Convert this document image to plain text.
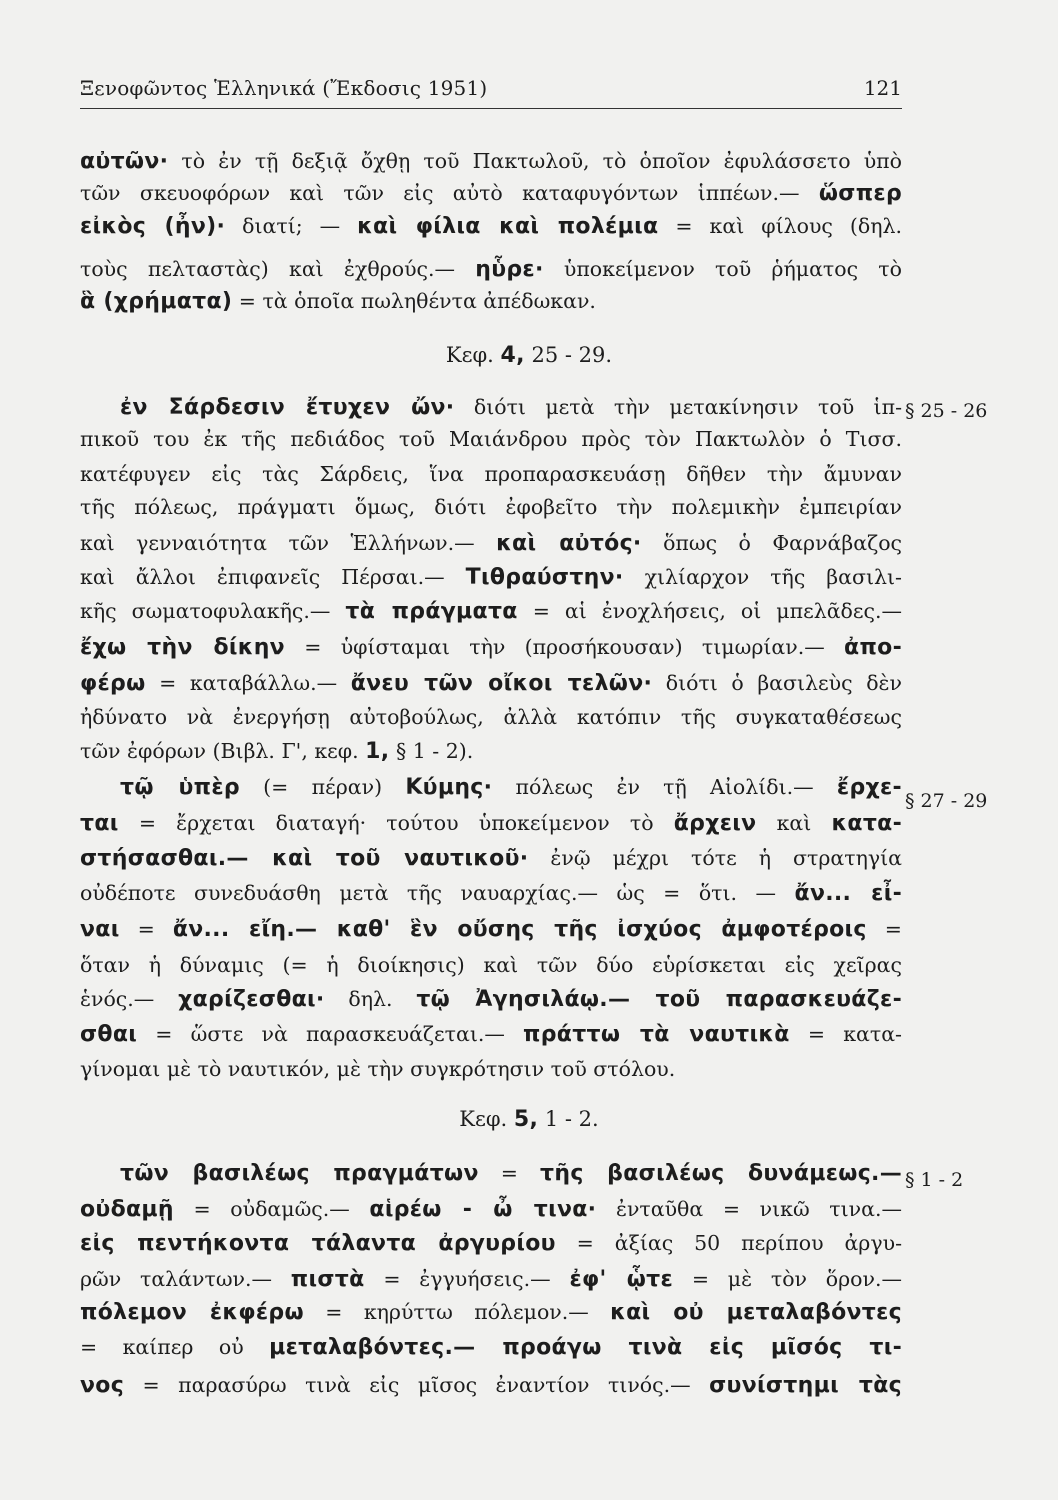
Ξενοφῶντος Ἑλληνικά (Ἔκδοσις 1951)	121
αὐτῶν· τὸ ἐν τῇ δεξιᾷ ὄχθῃ τοῦ Πακτωλοῦ, τὸ ὁποῖον ἐφυλάσσετο ὑπὸ
τῶν σκευοφόρων καὶ τῶν εἰς αὐτὸ καταφυγόντων ἱππέων.— ὥσπερ
εἰκὸς (ἦν)· διατί; — καὶ φίλια καὶ πολέμια = καὶ φίλους (δηλ.
τοὺς πελταστὰς) καὶ ἐχθρούς.— ηὗρε· ὑποκείμενον τοῦ ῥήματος τὸ
ἃ (χρήματα) = τὰ ὁποῖα πωληθέντα ἀπέδωκαν.
Κεφ. 4, 25 - 29.
ἐν Σάρδεσιν ἔτυχεν ὤν· διότι μετὰ τὴν μετακίνησιν τοῦ ἱπ- § 25 - 26
πικοῦ του ἐκ τῆς πεδιάδος τοῦ Μαιάνδρου πρὸς τὸν Πακτωλὸν ὁ Τισσ.
κατέφυγεν εἰς τὰς Σάρδεις, ἵνα προπαρασκευάσῃ δῆθεν τὴν ἄμυναν
τῆς πόλεως, πράγματι ὅμως, διότι ἐφοβεῖτο τὴν πολεμικὴν ἐμπειρίαν
καὶ γενναιότητα τῶν Ἑλλήνων.— καὶ αὐτός· ὅπως ὁ Φαρνάβαζος
καὶ ἄλλοι ἐπιφανεῖς Πέρσαι.— Τιθραύστην· χιλίαρχον τῆς βασιλι-
κῆς σωματοφυλακῆς.— τὰ πράγματα = αἱ ἐνοχλήσεις, οἱ μπελᾶδες.—
ἔχω τὴν δίκην = ὑφίσταμαι τὴν (προσήκουσαν) τιμωρίαν.— ἀπο-
φέρω = καταβάλλω.— ἄνευ τῶν οἴκοι τελῶν· διότι ὁ βασιλεὺς δὲν
ἠδύνατο νὰ ἐνεργήσῃ αὐτοβούλως, ἀλλὰ κατόπιν τῆς συγκαταθέσεως
τῶν ἐφόρων (Βιβλ. Γ', κεφ. 1, § 1 - 2).
τῷ ὑπὲρ (= πέραν) Κύμης· πόλεως ἐν τῇ Αἰολίδι.— ἔρχε-
§ 27 - 29
ται = ἔρχεται διαταγή· τούτου ὑποκείμενον τὸ ἄρχειν καὶ κατα-
στήσασθαι.— καὶ τοῦ ναυτικοῦ· ἐνῷ μέχρι τότε ἡ στρατηγία
οὐδέποτε συνεδυάσθη μετὰ τῆς ναυαρχίας.— ὡς = ὅτι. — ἄν... εἶ-
ναι = ἄν... εἴη.— καθ' ἓν οὔσης τῆς ἰσχύος ἀμφοτέροις =
ὅταν ἡ δύναμις (= ἡ διοίκησις) καὶ τῶν δύο εὑρίσκεται εἰς χεῖρας
ἑνός.— χαρίζεσθαι· δηλ. τῷ Ἀγησιλάῳ.— τοῦ παρασκευάζε-
σθαι = ὥστε νὰ παρασκευάζεται.— πράττω τὰ ναυτικὰ = κατα-
γίνομαι μὲ τὸ ναυτικόν, μὲ τὴν συγκρότησιν τοῦ στόλου.
Κεφ. 5, 1 - 2.
τῶν βασιλέως πραγμάτων = τῆς βασιλέως δυνάμεως.— § 1 - 2
οὐδαμῇ = οὐδαμῶς.— αἱρέω - ὦ τινα· ἐνταῦθα = νικῶ τινα.—
εἰς πεντήκοντα τάλαντα ἀργυρίου = ἀξίας 50 περίπου ἀργυ-
ρῶν ταλάντων.— πιστὰ = ἐγγυήσεις.— ἐφ' ᾧτε = μὲ τὸν ὅρον.—
πόλεμον ἐκφέρω = κηρύττω πόλεμον.— καὶ οὐ μεταλαβόντες
= καίπερ οὐ μεταλαβόντες.— προάγω τινὰ εἰς μῖσός τι-
νος = παρασύρω τινὰ εἰς μῖσος ἐναντίον τινός.— συνίστημι τὰς
